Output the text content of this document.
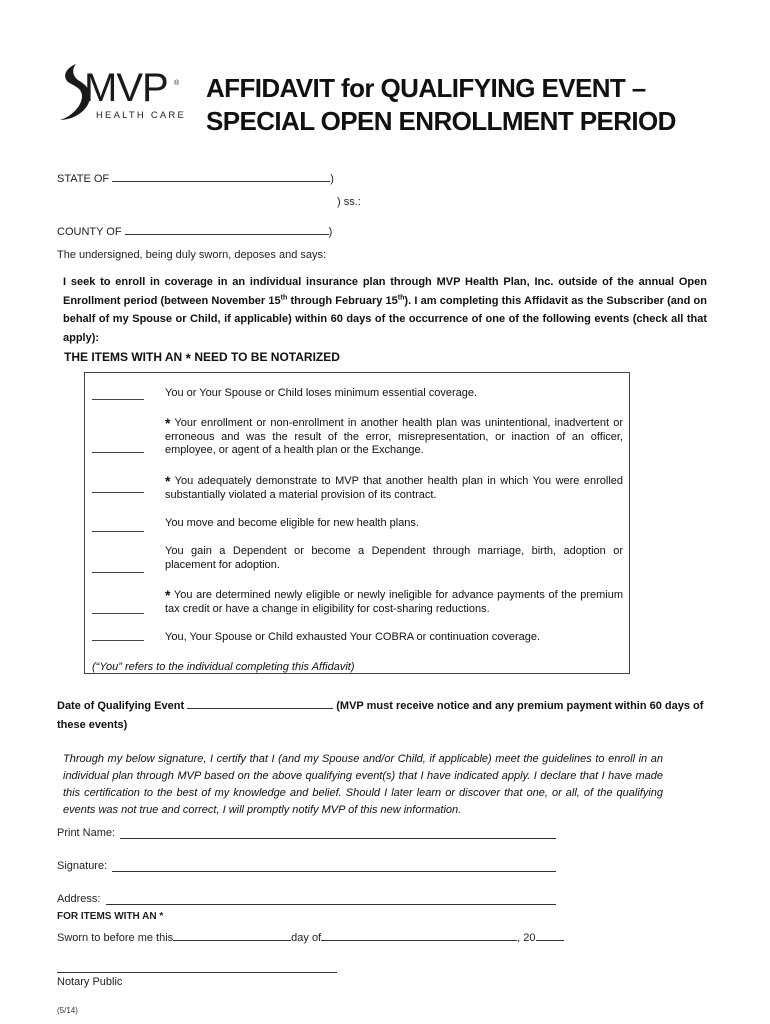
MVP ®
HEALTH CARE
AFFIDAVIT for QUALIFYING EVENT –
SPECIAL OPEN ENROLLMENT PERIOD
STATE OF	)
) ss.:
COUNTY OF	)
The undersigned, being duly sworn, deposes and says:
I seek to enroll in coverage in an individual insurance plan through MVP Health Plan, Inc. outside of the annual Open Enrollment period (between November 15th through February 15th). I am completing this Affidavit as the Subscriber (and on behalf of my Spouse or Child, if applicable) within 60 days of the occurrence of one of the following events (check all that apply):
THE ITEMS WITH AN * NEED TO BE NOTARIZED
You or Your Spouse or Child loses minimum essential coverage.
* Your enrollment or non-enrollment in another health plan was unintentional, inadvertent or erroneous and was the result of the error, misrepresentation, or inaction of an officer, employee, or agent of a health plan or the Exchange.
* You adequately demonstrate to MVP that another health plan in which You were enrolled substantially violated a material provision of its contract.
You move and become eligible for new health plans.
You gain a Dependent or become a Dependent through marriage, birth, adoption or placement for adoption.
* You are determined newly eligible or newly ineligible for advance payments of the premium tax credit or have a change in eligibility for cost-sharing reductions.
You, Your Spouse or Child exhausted Your COBRA or continuation coverage.
(“You” refers to the individual completing this Affidavit)
Date of Qualifying Event	(MVP must receive notice and any premium payment within 60 days of these events)
Through my below signature, I certify that I (and my Spouse and/or Child, if applicable) meet the guidelines to enroll in an individual plan through MVP based on the above qualifying event(s) that I have indicated apply. I declare that I have made this certification to the best of my knowledge and belief. Should I later learn or discover that one, or all, of the qualifying events was not true and correct, I will promptly notify MVP of this new information.
Print Name:
Signature:
Address:
FOR ITEMS WITH AN *
Sworn to before me this	day of	, 20
Notary Public
(5/14)
